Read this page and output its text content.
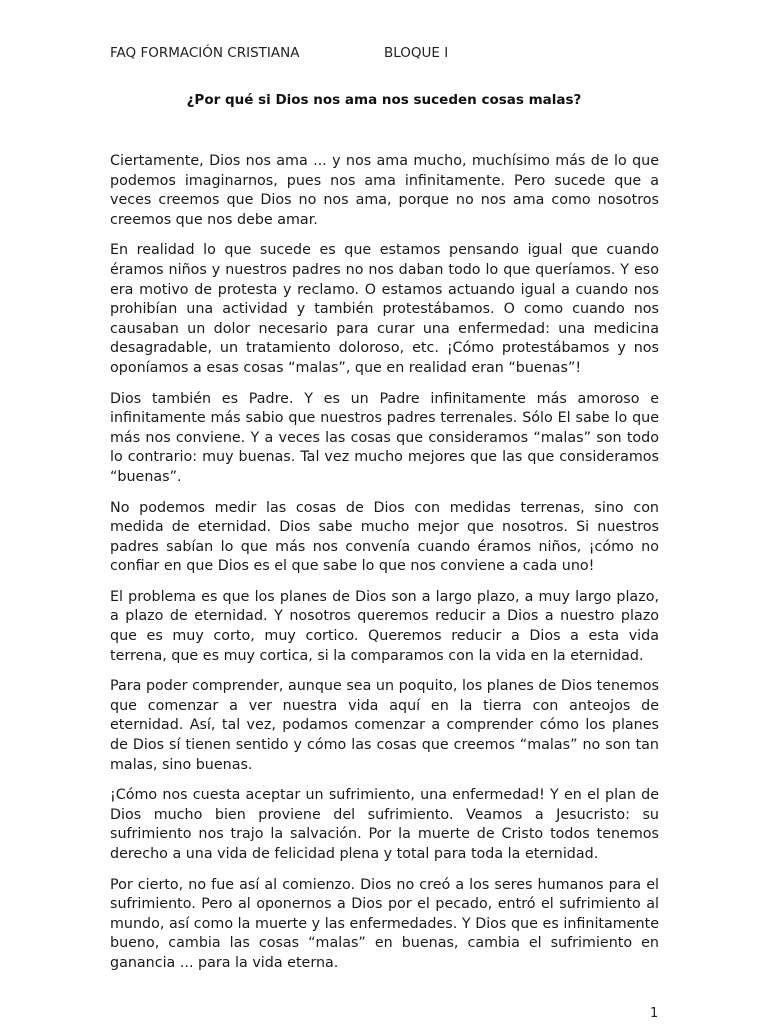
FAQ FORMACIÓN CRISTIANA	BLOQUE I
¿Por qué si Dios nos ama nos suceden cosas malas?

Ciertamente, Dios nos ama ... y nos ama mucho, muchísimo más de lo que podemos imaginarnos, pues nos ama infinitamente. Pero sucede que a veces creemos que Dios no nos ama, porque no nos ama como nosotros creemos que nos debe amar.

En realidad lo que sucede es que estamos pensando igual que cuando éramos niños y nuestros padres no nos daban todo lo que queríamos. Y eso era motivo de protesta y reclamo. O estamos actuando igual a cuando nos prohibían una actividad y también protestábamos. O como cuando nos causaban un dolor necesario para curar una enfermedad: una medicina desagradable, un tratamiento doloroso, etc. ¡Cómo protestábamos y nos oponíamos a esas cosas “malas”, que en realidad eran “buenas”!

Dios también es Padre. Y es un Padre infinitamente más amoroso e infinitamente más sabio que nuestros padres terrenales. Sólo El sabe lo que más nos conviene. Y a veces las cosas que consideramos “malas” son todo lo contrario: muy buenas. Tal vez mucho mejores que las que consideramos “buenas”.

No podemos medir las cosas de Dios con medidas terrenas, sino con medida de eternidad. Dios sabe mucho mejor que nosotros. Si nuestros padres sabían lo que más nos convenía cuando éramos niños, ¡cómo no confiar en que Dios es el que sabe lo que nos conviene a cada uno!

El problema es que los planes de Dios son a largo plazo, a muy largo plazo, a plazo de eternidad. Y nosotros queremos reducir a Dios a nuestro plazo que es muy corto, muy cortico. Queremos reducir a Dios a esta vida terrena, que es muy cortica, si la comparamos con la vida en la eternidad.

Para poder comprender, aunque sea un poquito, los planes de Dios tenemos que comenzar a ver nuestra vida aquí en la tierra con anteojos de eternidad. Así, tal vez, podamos comenzar a comprender cómo los planes de Dios sí tienen sentido y cómo las cosas que creemos “malas” no son tan malas, sino buenas.

¡Cómo nos cuesta aceptar un sufrimiento, una enfermedad! Y en el plan de Dios mucho bien proviene del sufrimiento. Veamos a Jesucristo: su sufrimiento nos trajo la salvación. Por la muerte de Cristo todos tenemos derecho a una vida de felicidad plena y total para toda la eternidad.

Por cierto, no fue así al comienzo. Dios no creó a los seres humanos para el sufrimiento. Pero al oponernos a Dios por el pecado, entró el sufrimiento al mundo, así como la muerte y las enfermedades. Y Dios que es infinitamente bueno, cambia las cosas “malas” en buenas, cambia el sufrimiento en ganancia ... para la vida eterna.

1
